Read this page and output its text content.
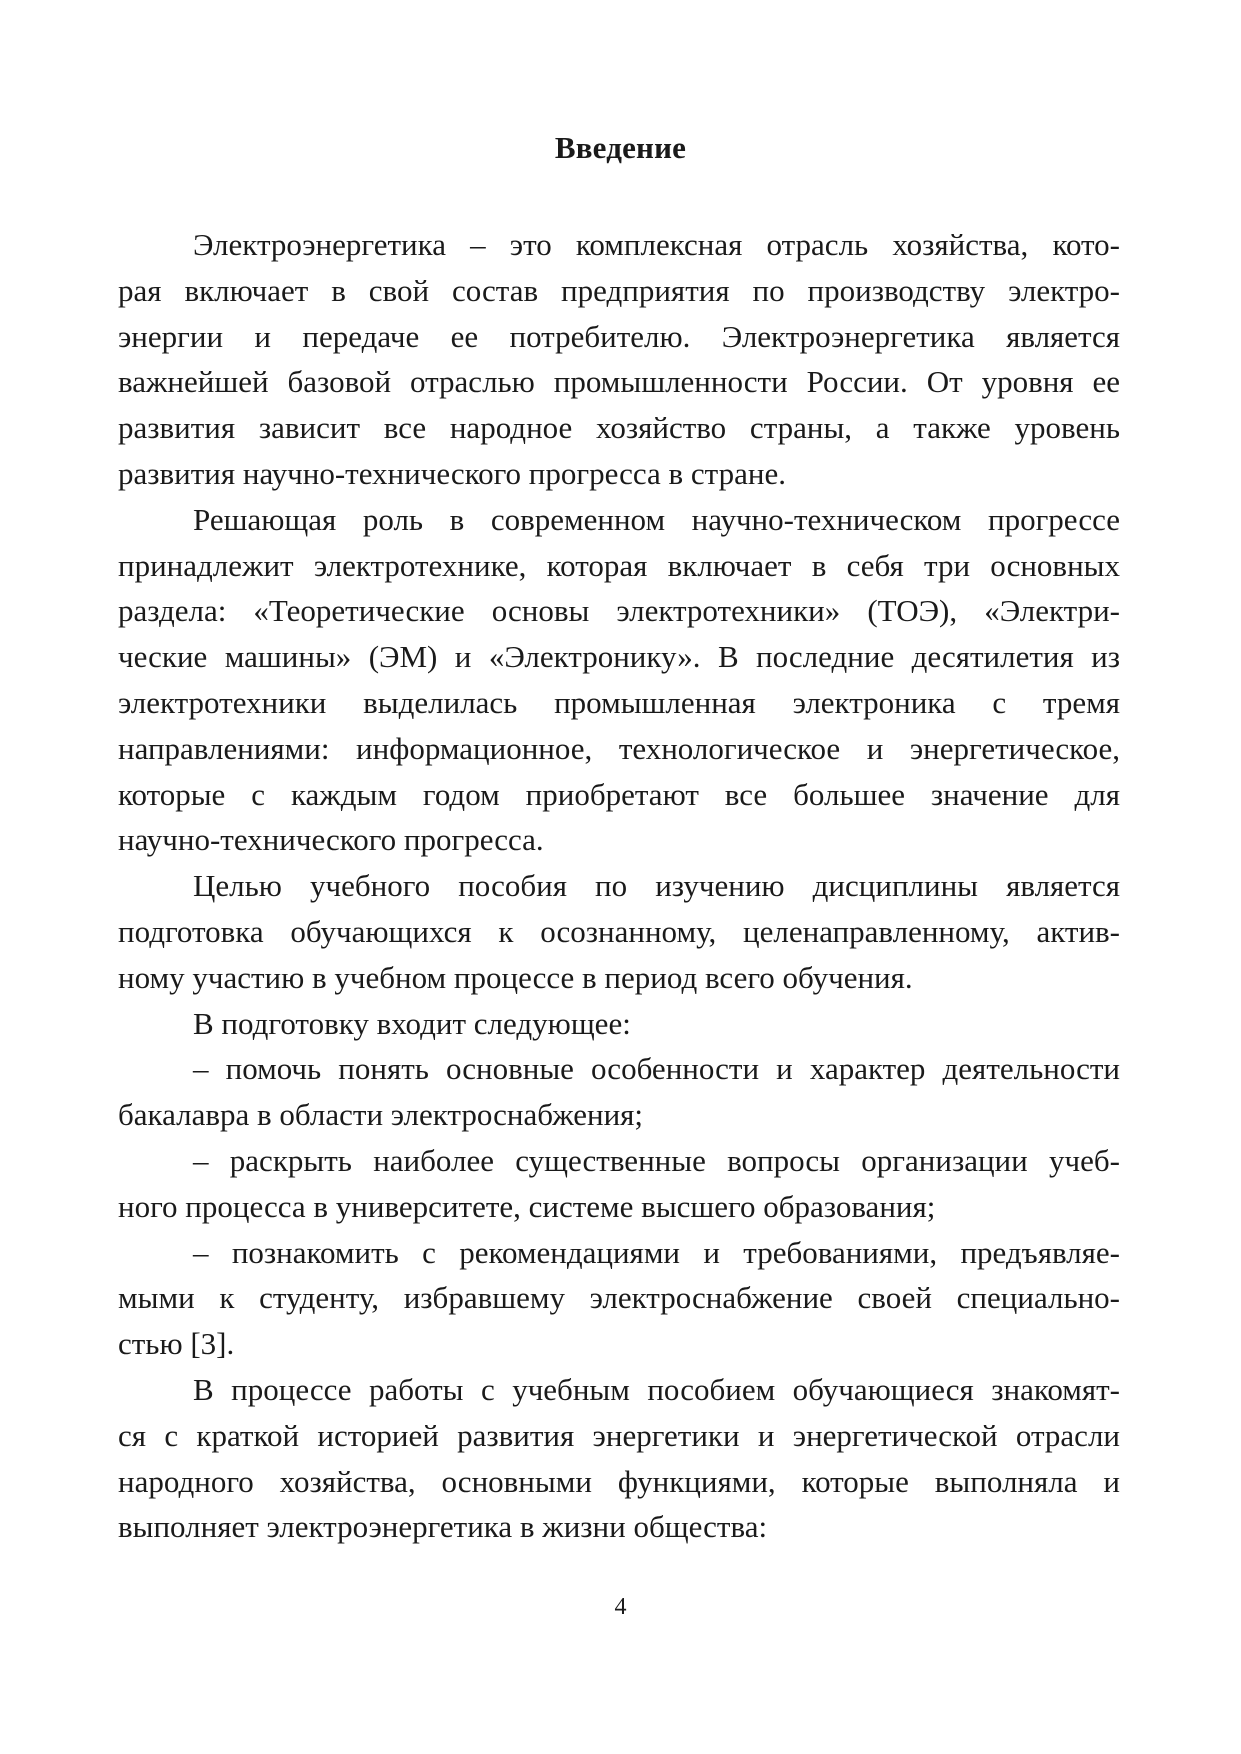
Введение
Электроэнергетика – это комплексная отрасль хозяйства, кото-
рая включает в свой состав предприятия по производству электро-
энергии и передаче ее потребителю. Электроэнергетика является
важнейшей базовой отраслью промышленности России. От уровня ее
развития зависит все народное хозяйство страны, а также уровень
развития научно-технического прогресса в стране.
Решающая роль в современном научно-техническом прогрессе
принадлежит электротехнике, которая включает в себя три основных
раздела: «Теоретические основы электротехники» (ТОЭ), «Электри-
ческие машины» (ЭМ) и «Электронику». В последние десятилетия из
электротехники выделилась промышленная электроника с тремя
направлениями: информационное, технологическое и энергетическое,
которые с каждым годом приобретают все большее значение для
научно-технического прогресса.
Целью учебного пособия по изучению дисциплины является
подготовка обучающихся к осознанному, целенаправленному, актив-
ному участию в учебном процессе в период всего обучения.
В подготовку входит следующее:
– помочь понять основные особенности и характер деятельности
бакалавра в области электроснабжения;
– раскрыть наиболее существенные вопросы организации учеб-
ного процесса в университете, системе высшего образования;
– познакомить с рекомендациями и требованиями, предъявляе-
мыми к студенту, избравшему электроснабжение своей специально-
стью [3].
В процессе работы с учебным пособием обучающиеся знакомят-
ся с краткой историей развития энергетики и энергетической отрасли
народного хозяйства, основными функциями, которые выполняла и
выполняет электроэнергетика в жизни общества:
4
